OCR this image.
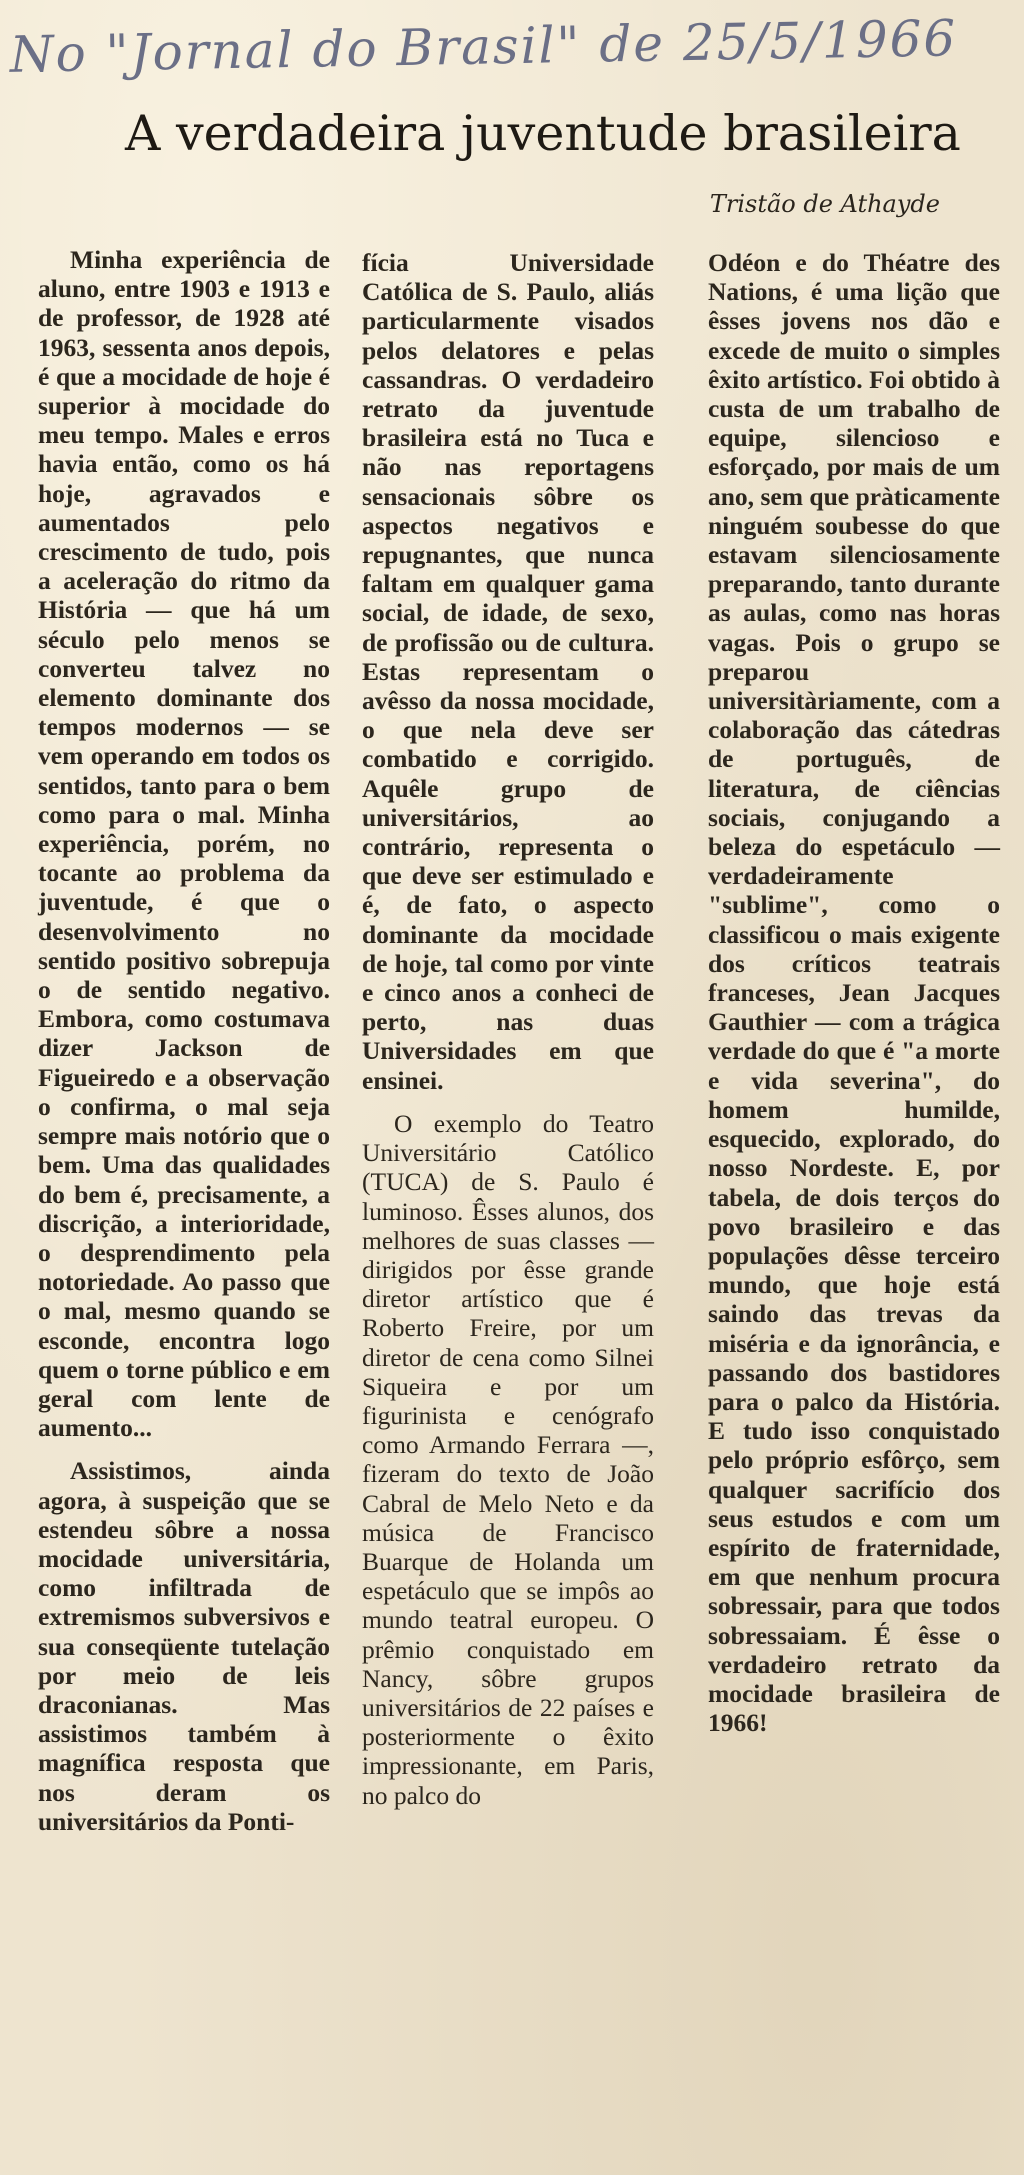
No "Jornal do Brasil" de 25/5/1966
A verdadeira juventude brasileira
Tristão de Athayde

Minha experiência de aluno, entre 1903 e 1913 e de professor, de 1928 até 1963, sessenta anos depois, é que a mocidade de hoje é superior à mocidade do meu tempo. Males e erros havia então, como os há hoje, agravados e aumentados pelo crescimento de tudo, pois a aceleração do ritmo da História — que há um século pelo menos se converteu talvez no elemento dominante dos tempos modernos — se vem operando em todos os sentidos, tanto para o bem como para o mal. Minha experiência, porém, no tocante ao problema da juventude, é que o desenvolvimento no sentido positivo sobrepuja o de sentido negativo. Embora, como costumava dizer Jackson de Figueiredo e a observação o confirma, o mal seja sempre mais notório que o bem. Uma das qualidades do bem é, precisamente, a discrição, a interioridade, o desprendimento pela notoriedade. Ao passo que o mal, mesmo quando se esconde, encontra logo quem o torne público e em geral com lente de aumento...

Assistimos, ainda agora, à suspeição que se estendeu sôbre a nossa mocidade universitária, como infiltrada de extremismos subversivos e sua conseqüente tutelação por meio de leis draconianas. Mas assistimos também à magnífica resposta que nos deram os universitários da Ponti-

fícia Universidade Católica de S. Paulo, aliás particularmente visados pelos delatores e pelas cassandras. O verdadeiro retrato da juventude brasileira está no Tuca e não nas reportagens sensacionais sôbre os aspectos negativos e repugnantes, que nunca faltam em qualquer gama social, de idade, de sexo, de profissão ou de cultura. Estas representam o avêsso da nossa mocidade, o que nela deve ser combatido e corrigido. Aquêle grupo de universitários, ao contrário, representa o que deve ser estimulado e é, de fato, o aspecto dominante da mocidade de hoje, tal como por vinte e cinco anos a conheci de perto, nas duas Universidades em que ensinei.

O exemplo do Teatro Universitário Católico (TUCA) de S. Paulo é luminoso. Êsses alunos, dos melhores de suas classes — dirigidos por êsse grande diretor artístico que é Roberto Freire, por um diretor de cena como Silnei Siqueira e por um figurinista e cenógrafo como Armando Ferrara —, fizeram do texto de João Cabral de Melo Neto e da música de Francisco Buarque de Holanda um espetáculo que se impôs ao mundo teatral europeu. O prêmio conquistado em Nancy, sôbre grupos universitários de 22 países e posteriormente o êxito impressionante, em Paris, no palco do

Odéon e do Théatre des Nations, é uma lição que êsses jovens nos dão e excede de muito o simples êxito artístico. Foi obtido à custa de um trabalho de equipe, silencioso e esforçado, por mais de um ano, sem que pràticamente ninguém soubesse do que estavam silenciosamente preparando, tanto durante as aulas, como nas horas vagas. Pois o grupo se preparou universitàriamente, com a colaboração das cátedras de português, de literatura, de ciências sociais, conjugando a beleza do espetáculo — verdadeiramente "sublime", como o classificou o mais exigente dos críticos teatrais franceses, Jean Jacques Gauthier — com a trágica verdade do que é "a morte e vida severina", do homem humilde, esquecido, explorado, do nosso Nordeste. E, por tabela, de dois terços do povo brasileiro e das populações dêsse terceiro mundo, que hoje está saindo das trevas da miséria e da ignorância, e passando dos bastidores para o palco da História. E tudo isso conquistado pelo próprio esfôrço, sem qualquer sacrifício dos seus estudos e com um espírito de fraternidade, em que nenhum procura sobressair, para que todos sobressaiam. É êsse o verdadeiro retrato da mocidade brasileira de 1966!
